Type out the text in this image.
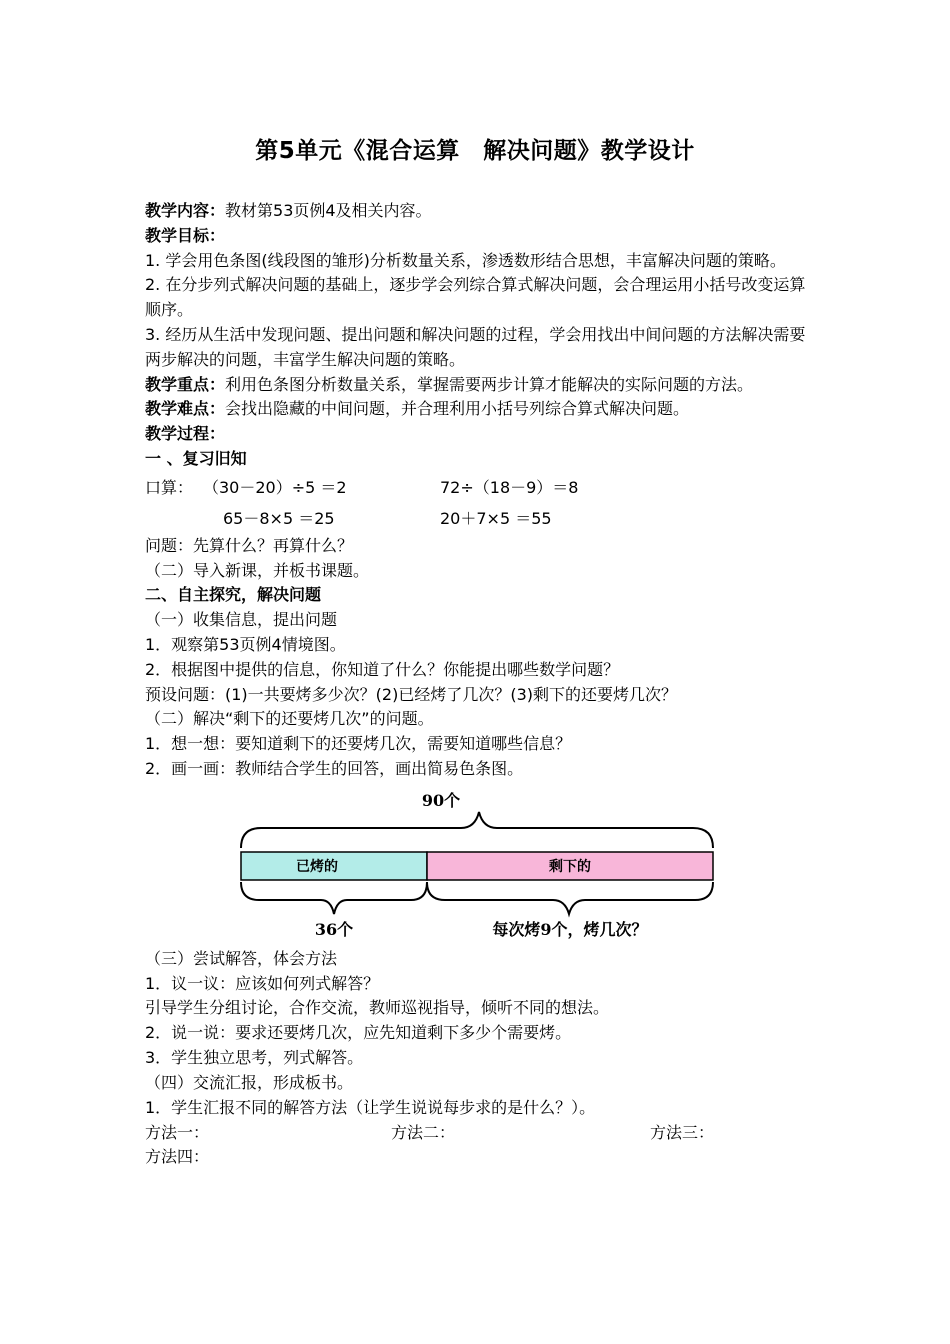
第5单元《混合运算　解决问题》教学设计
教学内容：教材第53页例4及相关内容。
教学目标：
1. 学会用色条图(线段图的雏形)分析数量关系，渗透数形结合思想，丰富解决问题的策略。
2. 在分步列式解决问题的基础上，逐步学会列综合算式解决问题，会合理运用小括号改变运算顺序。
3. 经历从生活中发现问题、提出问题和解决问题的过程，学会用找出中间问题的方法解决需要两步解决的问题，丰富学生解决问题的策略。
教学重点：利用色条图分析数量关系，掌握需要两步计算才能解决的实际问题的方法。
教学难点：会找出隐藏的中间问题，并合理利用小括号列综合算式解决问题。
教学过程：
一 、复习旧知
口算： （30－20）÷5 ＝2	72÷（18－9）＝8
65－8×5 ＝25	20＋7×5 ＝55
问题：先算什么？再算什么？
（二）导入新课，并板书课题。
二、自主探究，解决问题
（一）收集信息，提出问题
1．观察第53页例4情境图。
2．根据图中提供的信息，你知道了什么？你能提出哪些数学问题？
预设问题：(1)一共要烤多少次？(2)已经烤了几次？(3)剩下的还要烤几次？
（二）解决“剩下的还要烤几次”的问题。
1．想一想：要知道剩下的还要烤几次，需要知道哪些信息？
2．画一画：教师结合学生的回答，画出简易色条图。
90个
已烤的	剩下的
36个	每次烤9个，烤几次？
（三）尝试解答，体会方法
1．议一议：应该如何列式解答？
引导学生分组讨论，合作交流，教师巡视指导，倾听不同的想法。
2．说一说：要求还要烤几次，应先知道剩下多少个需要烤。
3．学生独立思考，列式解答。
（四）交流汇报，形成板书。
1．学生汇报不同的解答方法（让学生说说每步求的是什么？）。
方法一：	方法二：	方法三：
方法四：
